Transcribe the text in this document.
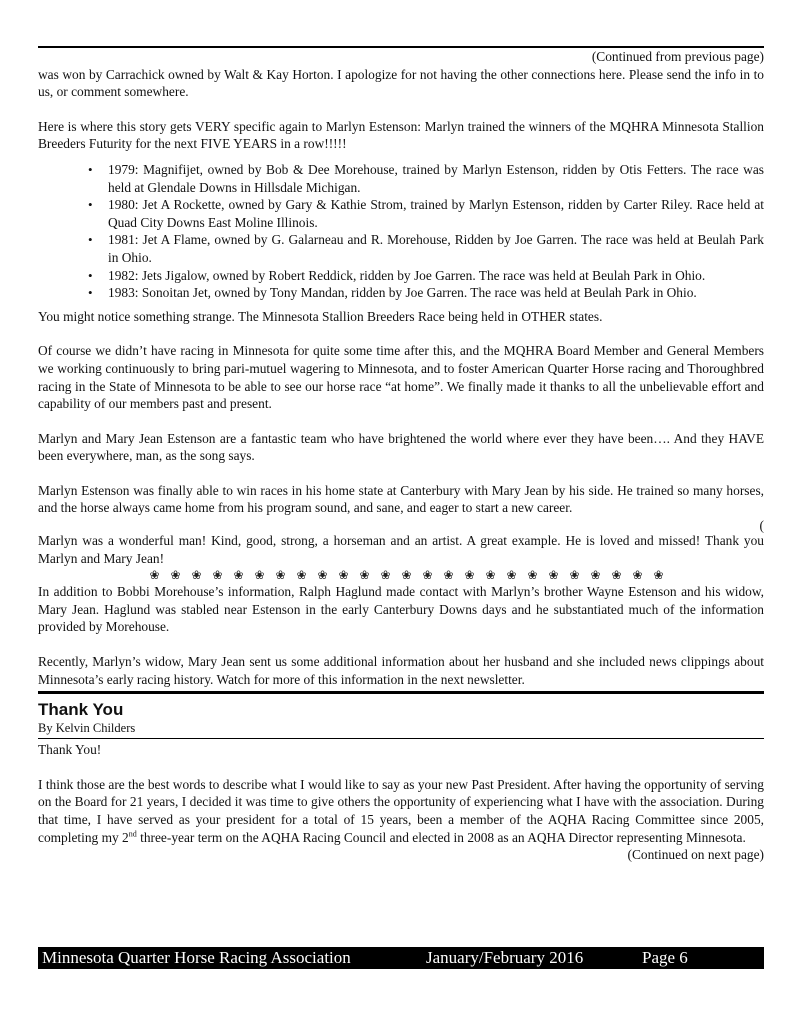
(Continued from previous page)

was won by Carrachick owned by Walt & Kay Horton. I apologize for not having the other connections here. Please send the info in to us, or comment somewhere.

Here is where this story gets VERY specific again to Marlyn Estenson: Marlyn trained the winners of the MQHRA Minnesota Stallion Breeders Futurity for the next FIVE YEARS in a row!!!!!

• 1979: Magnifijet, owned by Bob & Dee Morehouse, trained by Marlyn Estenson, ridden by Otis Fetters. The race was held at Glendale Downs in Hillsdale Michigan.
• 1980: Jet A Rockette, owned by Gary & Kathie Strom, trained by Marlyn Estenson, ridden by Carter Riley. Race held at Quad City Downs East Moline Illinois.
• 1981: Jet A Flame, owned by G. Galarneau and R. Morehouse, Ridden by Joe Garren. The race was held at Beulah Park in Ohio.
• 1982: Jets Jigalow, owned by Robert Reddick, ridden by Joe Garren. The race was held at Beulah Park in Ohio.
• 1983: Sonoitan Jet, owned by Tony Mandan, ridden by Joe Garren. The race was held at Beulah Park in Ohio.

You might notice something strange. The Minnesota Stallion Breeders Race being held in OTHER states.

Of course we didn’t have racing in Minnesota for quite some time after this, and the MQHRA Board Member and General Members we working continuously to bring pari-mutuel wagering to Minnesota, and to foster American Quarter Horse racing and Thoroughbred racing in the State of Minnesota to be able to see our horse race “at home”. We finally made it thanks to all the unbelievable effort and capability of our members past and present.

Marlyn and Mary Jean Estenson are a fantastic team who have brightened the world where ever they have been…. And they HAVE been everywhere, man, as the song says.

Marlyn Estenson was finally able to win races in his home state at Canterbury with Mary Jean by his side. He trained so many horses, and the horse always came home from his program sound, and sane, and eager to start a new career.

(

Marlyn was a wonderful man! Kind, good, strong, a horseman and an artist. A great example. He is loved and missed! Thank you Marlyn and Mary Jean!

❀ ❀ ❀ ❀ ❀ ❀ ❀ ❀ ❀ ❀ ❀ ❀ ❀ ❀ ❀ ❀ ❀ ❀ ❀ ❀ ❀ ❀ ❀ ❀ ❀

In addition to Bobbi Morehouse’s information, Ralph Haglund made contact with Marlyn’s brother Wayne Estenson and his widow, Mary Jean. Haglund was stabled near Estenson in the early Canterbury Downs days and he substantiated much of the information provided by Morehouse.

Recently, Marlyn’s widow, Mary Jean sent us some additional information about her husband and she included news clippings about Minnesota’s early racing history. Watch for more of this information in the next newsletter.

Thank You
By Kelvin Childers

Thank You!

I think those are the best words to describe what I would like to say as your new Past President. After having the opportunity of serving on the Board for 21 years, I decided it was time to give others the opportunity of experiencing what I have with the association. During that time, I have served as your president for a total of 15 years, been a member of the AQHA Racing Committee since 2005, completing my 2nd three-year term on the AQHA Racing Council and elected in 2008 as an AQHA Director representing Minnesota.

(Continued on next page)
Minnesota Quarter Horse Racing Association	January/February 2016	Page 6
